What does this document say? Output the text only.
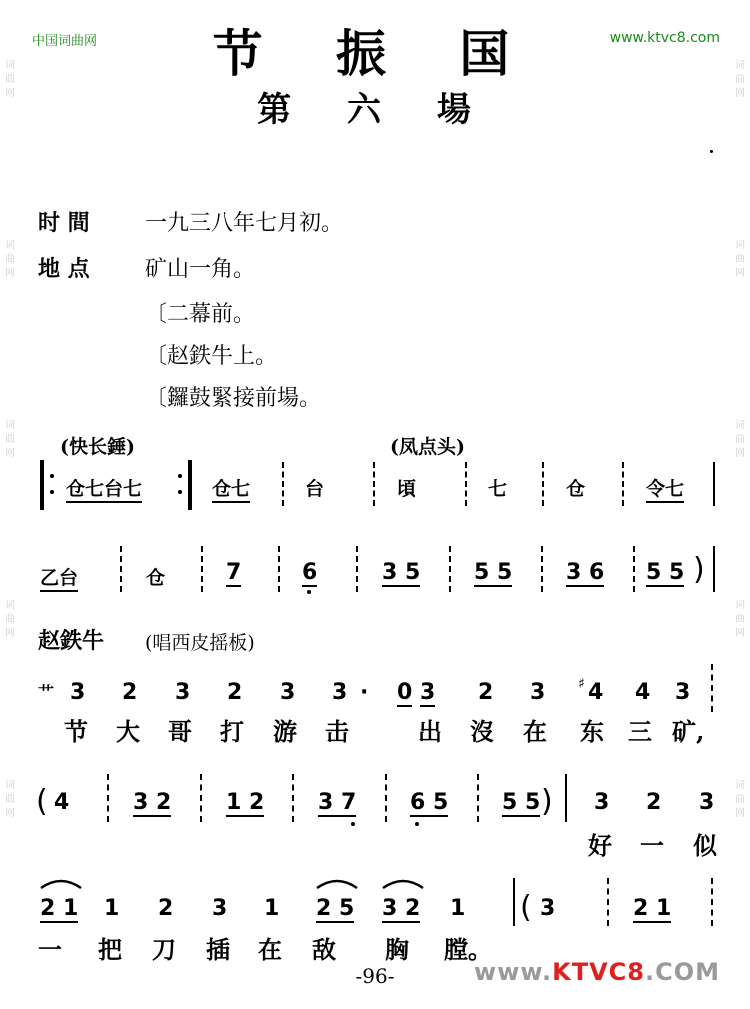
词
曲
网
词
曲
网
词
曲
网
词
曲
网
词
曲
网
词
曲
网
词
曲
网
词
曲
网
词
曲
网
词
曲
网
中国词曲网	www.ktvc8.com
节 振 国
第 六 場
时 間	一九三八年七月初。
地 点	矿山一角。
〔二幕前。
〔赵鉄牛上。
〔鑼鼓緊接前場。
(快长錘)	(凤点头)
仓七台七	仓七	台	頃	七	仓	令七
乙台	仓	7	6	3 5 5 5 3 6 5 5 )
赵鉄牛 (唱西皮摇板)
艹 3 2 3 2 3 3 · 0 3 2 3 ♯ 4 4 3
节 大 哥 打 游 击	出 沒 在 东 三 矿,
( 4	3 2 1 2 3 7 6 5 5 5 ) 3 2 3
好 一 似
2 1 1 2 3 1 2 5 3 2 1 ( 3	2 1
一 把 刀 插 在 敌 胸 膛。
-96-	www.KTVC8.COM
